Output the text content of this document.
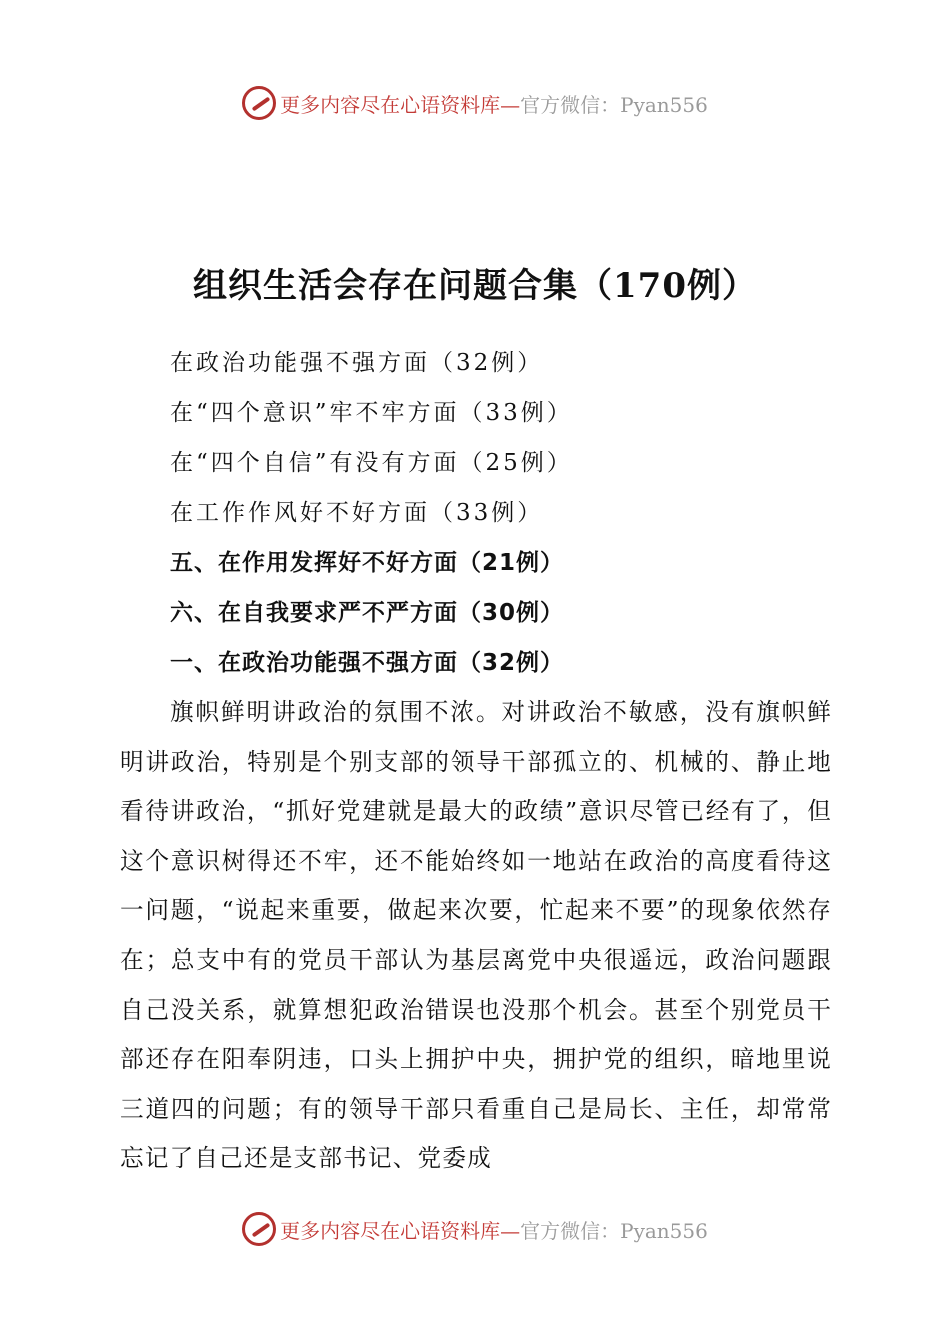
更多内容尽在心语资料库—官方微信：Pyan556
组织生活会存在问题合集（170例）
在政治功能强不强方面（32例）
在“四个意识”牢不牢方面（33例）
在“四个自信”有没有方面（25例）
在工作作风好不好方面（33例）
五、在作用发挥好不好方面（21例）
六、在自我要求严不严方面（30例）
一、在政治功能强不强方面（32例）

旗帜鲜明讲政治的氛围不浓。对讲政治不敏感，没有旗帜鲜明讲政治，特别是个别支部的领导干部孤立的、机械的、静止地看待讲政治，“抓好党建就是最大的政绩”意识尽管已经有了，但这个意识树得还不牢，还不能始终如一地站在政治的高度看待这一问题，“说起来重要，做起来次要，忙起来不要”的现象依然存在；总支中有的党员干部认为基层离党中央很遥远，政治问题跟自己没关系，就算想犯政治错误也没那个机会。甚至个别党员干部还存在阳奉阴违，口头上拥护中央，拥护党的组织，暗地里说三道四的问题；有的领导干部只看重自己是局长、主任，却常常忘记了自己还是支部书记、党委成

更多内容尽在心语资料库—官方微信：Pyan556
